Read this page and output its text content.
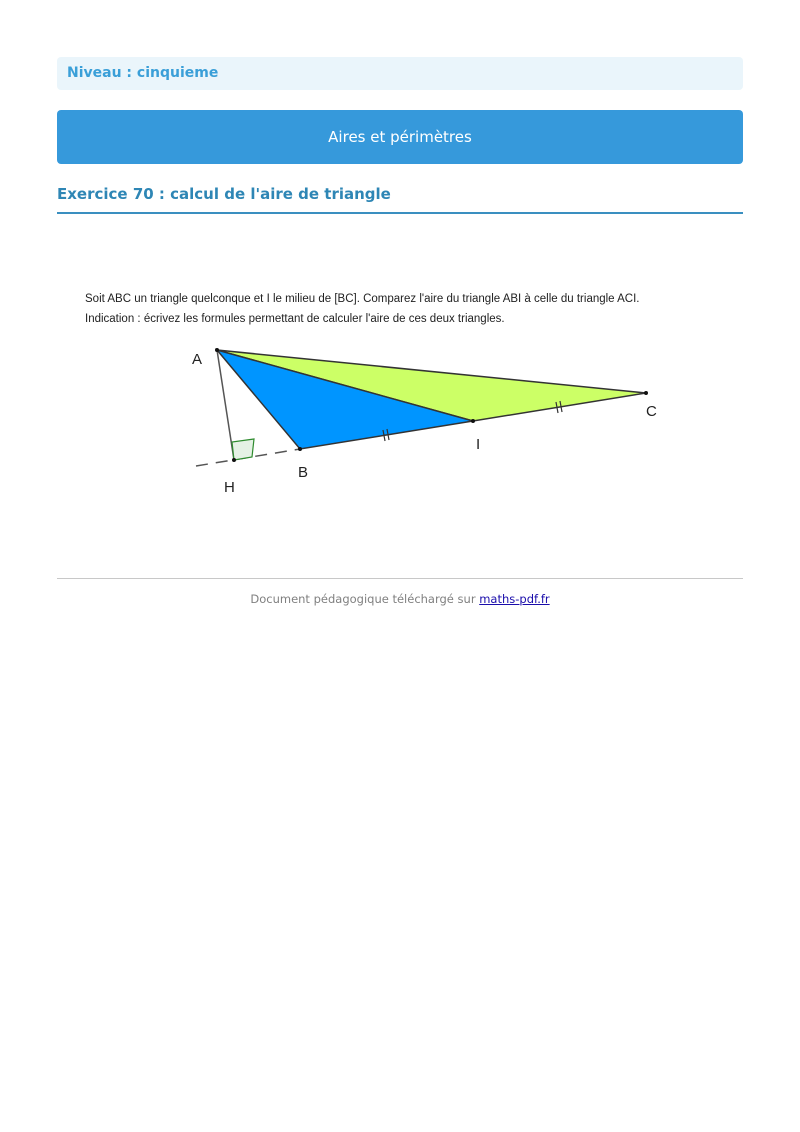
Niveau : cinquieme
Aires et périmètres
Exercice 70 : calcul de l'aire de triangle
Soit ABC un triangle quelconque et I le milieu de [BC]. Comparez l'aire du triangle ABI à celle du triangle ACI.
Indication : écrivez les formules permettant de calculer l'aire de ces deux triangles.
A
B
I
C
H
Document pédagogique téléchargé sur maths-pdf.fr
